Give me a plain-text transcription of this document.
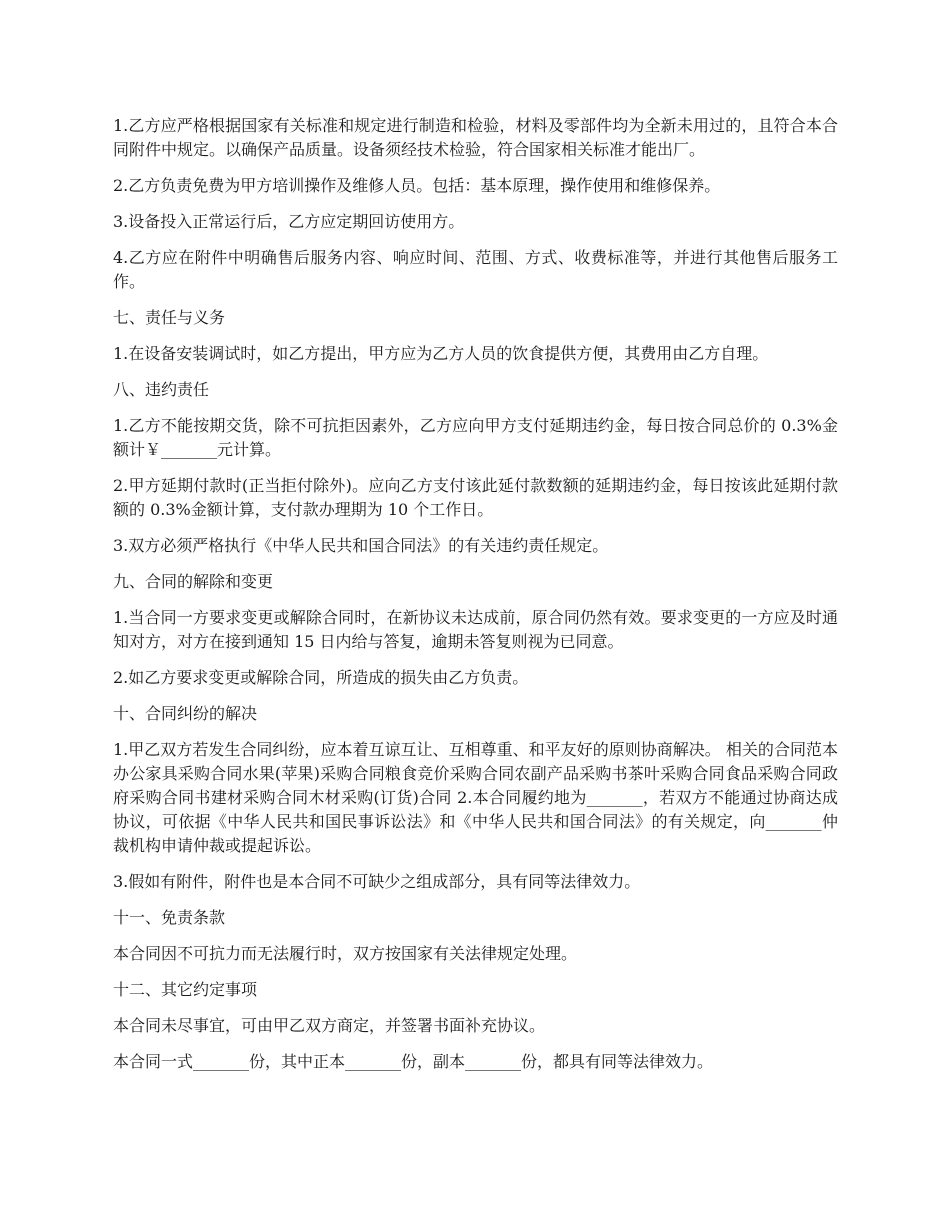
1.乙方应严格根据国家有关标准和规定进行制造和检验，材料及零部件均为全新未用过的，且符合本合同附件中规定。以确保产品质量。设备须经技术检验，符合国家相关标准才能出厂。

2.乙方负责免费为甲方培训操作及维修人员。包括：基本原理，操作使用和维修保养。

3.设备投入正常运行后，乙方应定期回访使用方。

4.乙方应在附件中明确售后服务内容、响应时间、范围、方式、收费标准等，并进行其他售后服务工作。

七、责任与义务

1.在设备安装调试时，如乙方提出，甲方应为乙方人员的饮食提供方便，其费用由乙方自理。

八、违约责任

1.乙方不能按期交货，除不可抗拒因素外，乙方应向甲方支付延期违约金，每日按合同总价的 0.3%金额计￥_______元计算。

2.甲方延期付款时(正当拒付除外)。应向乙方支付该此延付款数额的延期违约金，每日按该此延期付款额的 0.3%金额计算，支付款办理期为 10 个工作日。

3.双方必须严格执行《中华人民共和国合同法》的有关违约责任规定。

九、合同的解除和变更

1.当合同一方要求变更或解除合同时，在新协议未达成前，原合同仍然有效。要求变更的一方应及时通知对方，对方在接到通知 15 日内给与答复，逾期未答复则视为已同意。

2.如乙方要求变更或解除合同，所造成的损失由乙方负责。

十、合同纠纷的解决

1.甲乙双方若发生合同纠纷，应本着互谅互让、互相尊重、和平友好的原则协商解决。 相关的合同范本办公家具采购合同水果(苹果)采购合同粮食竞价采购合同农副产品采购书茶叶采购合同食品采购合同政府采购合同书建材采购合同木材采购(订货)合同 2.本合同履约地为_______，若双方不能通过协商达成协议，可依据《中华人民共和国民事诉讼法》和《中华人民共和国合同法》的有关规定，向_______仲裁机构申请仲裁或提起诉讼。

3.假如有附件，附件也是本合同不可缺少之组成部分，具有同等法律效力。

十一、免责条款

本合同因不可抗力而无法履行时，双方按国家有关法律规定处理。

十二、其它约定事项

本合同未尽事宜，可由甲乙双方商定，并签署书面补充协议。

本合同一式_______份，其中正本_______份，副本_______份，都具有同等法律效力。
